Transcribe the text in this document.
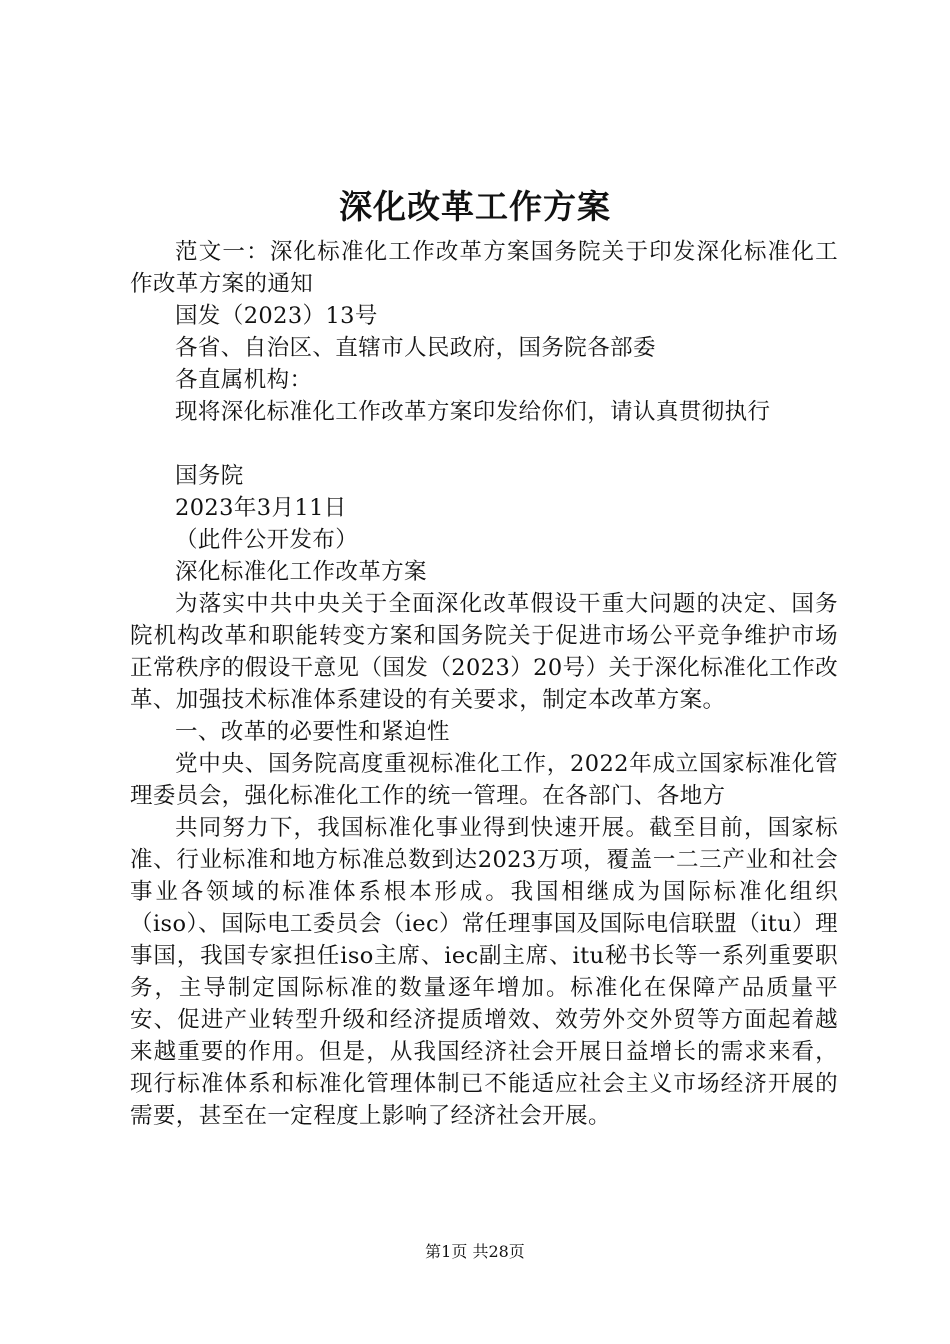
深化改革工作方案

范文一：深化标准化工作改革方案国务院关于印发深化标准化工作改革方案的通知

国发（2023）13号

各省、自治区、直辖市人民政府，国务院各部委

各直属机构：

现将深化标准化工作改革方案印发给你们，请认真贯彻执行

国务院

2023年3月11日

（此件公开发布）

深化标准化工作改革方案

为落实中共中央关于全面深化改革假设干重大问题的决定、国务院机构改革和职能转变方案和国务院关于促进市场公平竞争维护市场正常秩序的假设干意见（国发（2023）20号）关于深化标准化工作改革、加强技术标准体系建设的有关要求，制定本改革方案。

一、改革的必要性和紧迫性

党中央、国务院高度重视标准化工作，2022年成立国家标准化管理委员会，强化标准化工作的统一管理。在各部门、各地方

共同努力下，我国标准化事业得到快速开展。截至目前，国家标准、行业标准和地方标准总数到达2023万项，覆盖一二三产业和社会事业各领域的标准体系根本形成。我国相继成为国际标准化组织（iso）、国际电工委员会（iec）常任理事国及国际电信联盟（itu）理事国，我国专家担任iso主席、iec副主席、itu秘书长等一系列重要职务，主导制定国际标准的数量逐年增加。标准化在保障产品质量平安、促进产业转型升级和经济提质增效、效劳外交外贸等方面起着越来越重要的作用。但是，从我国经济社会开展日益增长的需求来看，现行标准体系和标准化管理体制已不能适应社会主义市场经济开展的需要，甚至在一定程度上影响了经济社会开展。

第1页 共28页
